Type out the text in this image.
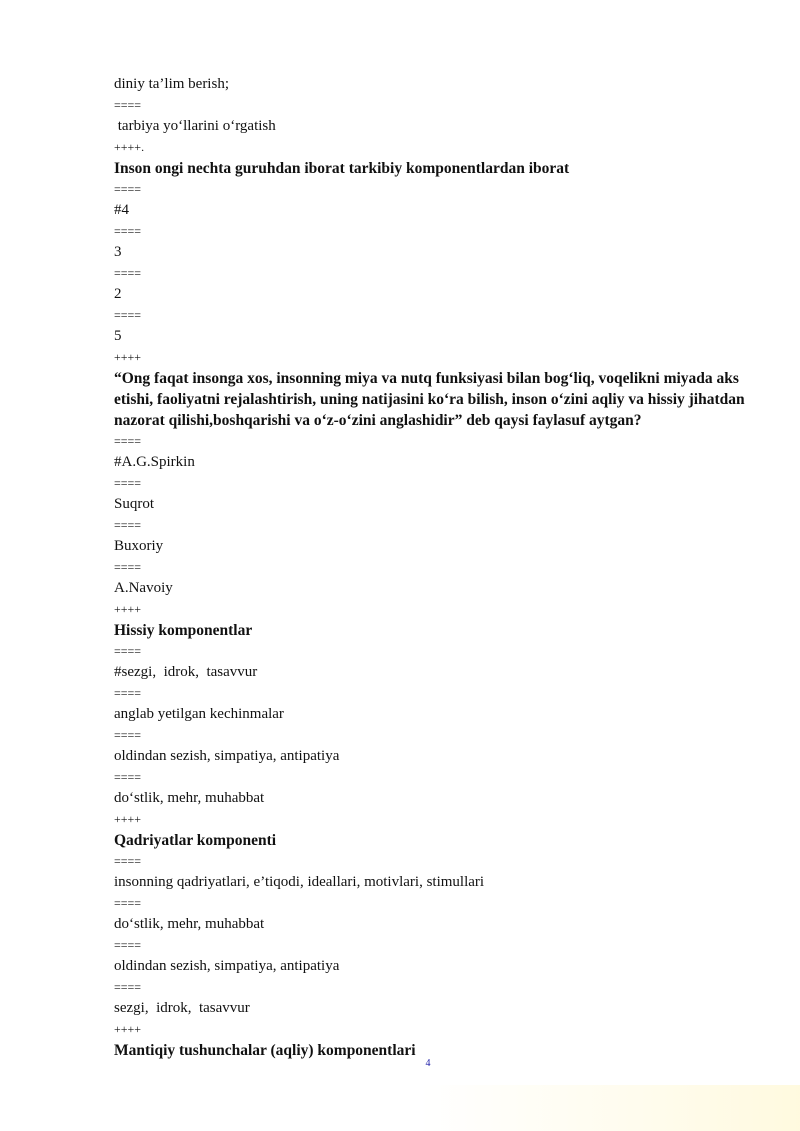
diniy ta’lim berish;
====
tarbiya yo‘llarini o‘rgatish
++++.
Inson ongi nechta guruhdan iborat tarkibiy komponentlardan iborat
====
#4
====
3
====
2
====
5
++++
“Ong faqat insonga xos, insonning miya va nutq funksiyasi bilan bog‘liq, voqelikni miyada aks etishi, faoliyatni rejalashtirish, uning natijasini ko‘ra bilish, inson o‘zini aqliy va hissiy jihatdan nazorat qilishi,boshqarishi va o‘z-o‘zini anglashidir” deb qaysi faylasuf aytgan?
====
#A.G.Spirkin
====
Suqrot
====
Buxoriy
====
A.Navoiy
++++
Hissiy komponentlar
====
#sezgi,  idrok,  tasavvur
====
anglab yetilgan kechinmalar
====
oldindan sezish, simpatiya, antipatiya
====
do‘stlik, mehr, muhabbat
++++
Qadriyatlar komponenti
====
insonning qadriyatlari, e’tiqodi, ideallari, motivlari, stimullari
====
do‘stlik, mehr, muhabbat
====
oldindan sezish, simpatiya, antipatiya
====
sezgi,  idrok,  tasavvur
++++
Mantiqiy tushunchalar (aqliy) komponentlari
4
